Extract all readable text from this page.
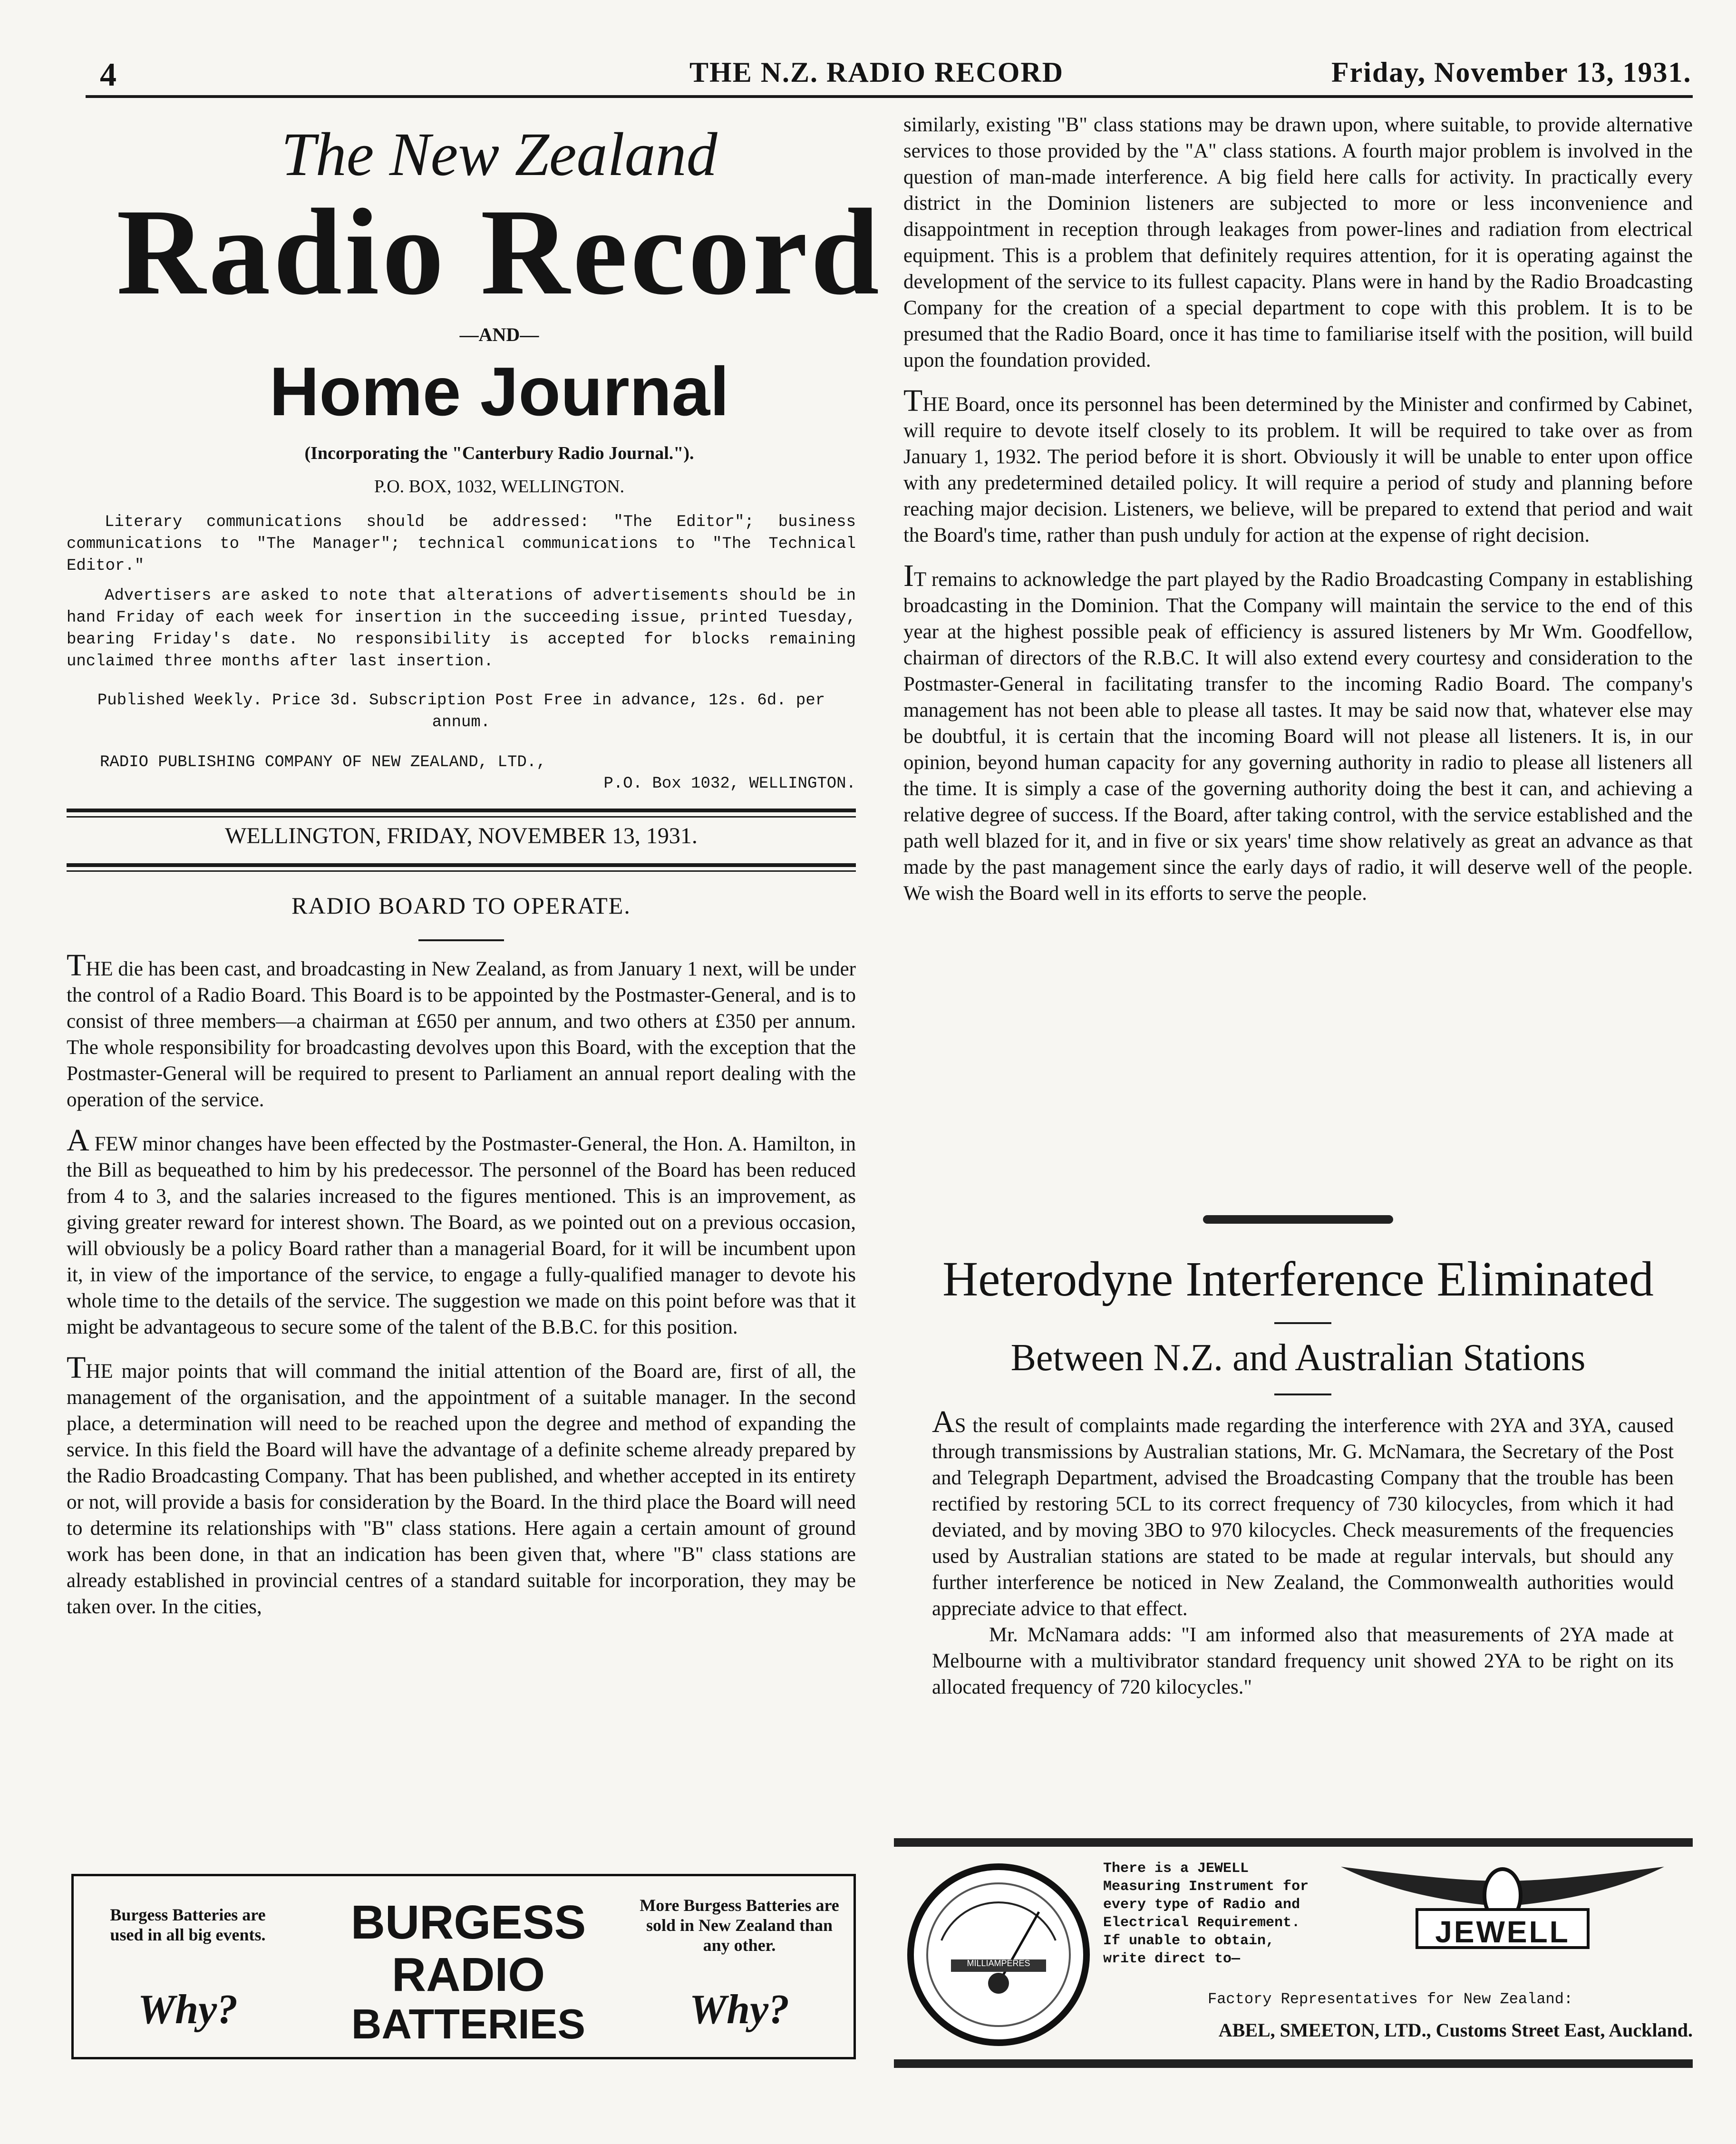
4	THE N.Z. RADIO RECORD	Friday, November 13, 1931.
The New Zealand
Radio Record
—AND—
Home Journal
(Incorporating the "Canterbury Radio Journal.").
P.O. BOX, 1032, WELLINGTON.
Literary communications should be addressed: "The Editor"; business communications to "The Manager"; technical communications to "The Technical Editor."
Advertisers are asked to note that alterations of advertisements should be in hand Friday of each week for insertion in the succeeding issue, printed Tuesday, bearing Friday's date. No responsibility is accepted for blocks remaining unclaimed three months after last insertion.
Published Weekly. Price 3d. Subscription Post Free in advance, 12s. 6d. per annum.
RADIO PUBLISHING COMPANY OF NEW ZEALAND, LTD.,
P.O. Box 1032, WELLINGTON.
WELLINGTON, FRIDAY, NOVEMBER 13, 1931.
RADIO BOARD TO OPERATE.

THE die has been cast, and broadcasting in New Zealand, as from January 1 next, will be under the control of a Radio Board. This Board is to be appointed by the Postmaster-General, and is to consist of three members—a chairman at £650 per annum, and two others at £350 per annum. The whole responsibility for broadcasting devolves upon this Board, with the exception that the Postmaster-General will be required to present to Parliament an annual report dealing with the operation of the service.

A FEW minor changes have been effected by the Postmaster-General, the Hon. A. Hamilton, in the Bill as bequeathed to him by his predecessor. The personnel of the Board has been reduced from 4 to 3, and the salaries increased to the figures mentioned. This is an improvement, as giving greater reward for interest shown. The Board, as we pointed out on a previous occasion, will obviously be a policy Board rather than a managerial Board, for it will be incumbent upon it, in view of the importance of the service, to engage a fully-qualified manager to devote his whole time to the details of the service. The suggestion we made on this point before was that it might be advantageous to secure some of the talent of the B.B.C. for this position.

THE major points that will command the initial attention of the Board are, first of all, the management of the organisation, and the appointment of a suitable manager. In the second place, a determination will need to be reached upon the degree and method of expanding the service. In this field the Board will have the advantage of a definite scheme already prepared by the Radio Broadcasting Company. That has been published, and whether accepted in its entirety or not, will provide a basis for consideration by the Board. In the third place the Board will need to determine its relationships with "B" class stations. Here again a certain amount of ground work has been done, in that an indication has been given that, where "B" class stations are already established in provincial centres of a standard suitable for incorporation, they may be taken over. In the cities,

similarly, existing "B" class stations may be drawn upon, where suitable, to provide alternative services to those provided by the "A" class stations. A fourth major problem is involved in the question of man-made interference. A big field here calls for activity. In practically every district in the Dominion listeners are subjected to more or less inconvenience and disappointment in reception through leakages from power-lines and radiation from electrical equipment. This is a problem that definitely requires attention, for it is operating against the development of the service to its fullest capacity. Plans were in hand by the Radio Broadcasting Company for the creation of a special department to cope with this problem. It is to be presumed that the Radio Board, once it has time to familiarise itself with the position, will build upon the foundation provided.

THE Board, once its personnel has been determined by the Minister and confirmed by Cabinet, will require to devote itself closely to its problem. It will be required to take over as from January 1, 1932. The period before it is short. Obviously it will be unable to enter upon office with any predetermined detailed policy. It will require a period of study and planning before reaching major decision. Listeners, we believe, will be prepared to extend that period and wait the Board's time, rather than push unduly for action at the expense of right decision.

IT remains to acknowledge the part played by the Radio Broadcasting Company in establishing broadcasting in the Dominion. That the Company will maintain the service to the end of this year at the highest possible peak of efficiency is assured listeners by Mr Wm. Goodfellow, chairman of directors of the R.B.C. It will also extend every courtesy and consideration to the Postmaster-General in facilitating transfer to the incoming Radio Board. The company's management has not been able to please all tastes. It may be said now that, whatever else may be doubtful, it is certain that the incoming Board will not please all listeners. It is, in our opinion, beyond human capacity for any governing authority in radio to please all listeners all the time. It is simply a case of the governing authority doing the best it can, and achieving a relative degree of success. If the Board, after taking control, with the service established and the path well blazed for it, and in five or six years' time show relatively as great an advance as that made by the past management since the early days of radio, it will deserve well of the people. We wish the Board well in its efforts to serve the people.

Heterodyne Interference Eliminated
Between N.Z. and Australian Stations

AS the result of complaints made regarding the interference with 2YA and 3YA, caused through transmissions by Australian stations, Mr. G. McNamara, the Secretary of the Post and Telegraph Department, advised the Broadcasting Company that the trouble has been rectified by restoring 5CL to its correct frequency of 730 kilocycles, from which it had deviated, and by moving 3BO to 970 kilocycles. Check measurements of the frequencies used by Australian stations are stated to be made at regular intervals, but should any further interference be noticed in New Zealand, the Commonwealth authorities would appreciate advice to that effect.

Mr. McNamara adds: "I am informed also that measurements of 2YA made at Melbourne with a multivibrator standard frequency unit showed 2YA to be right on its allocated frequency of 720 kilocycles."

Burgess Batteries are used in all big events.
Why?
BURGESS
RADIO
BATTERIES
More Burgess Batteries are sold in New Zealand than any other.
Why?
MILLIAMPERES
There is a JEWELL Measuring Instrument for every type of Radio and Electrical Requirement. If unable to obtain, write direct to—
JEWELL
Factory Representatives for New Zealand:
ABEL, SMEETON, LTD., Customs Street East, Auckland.
